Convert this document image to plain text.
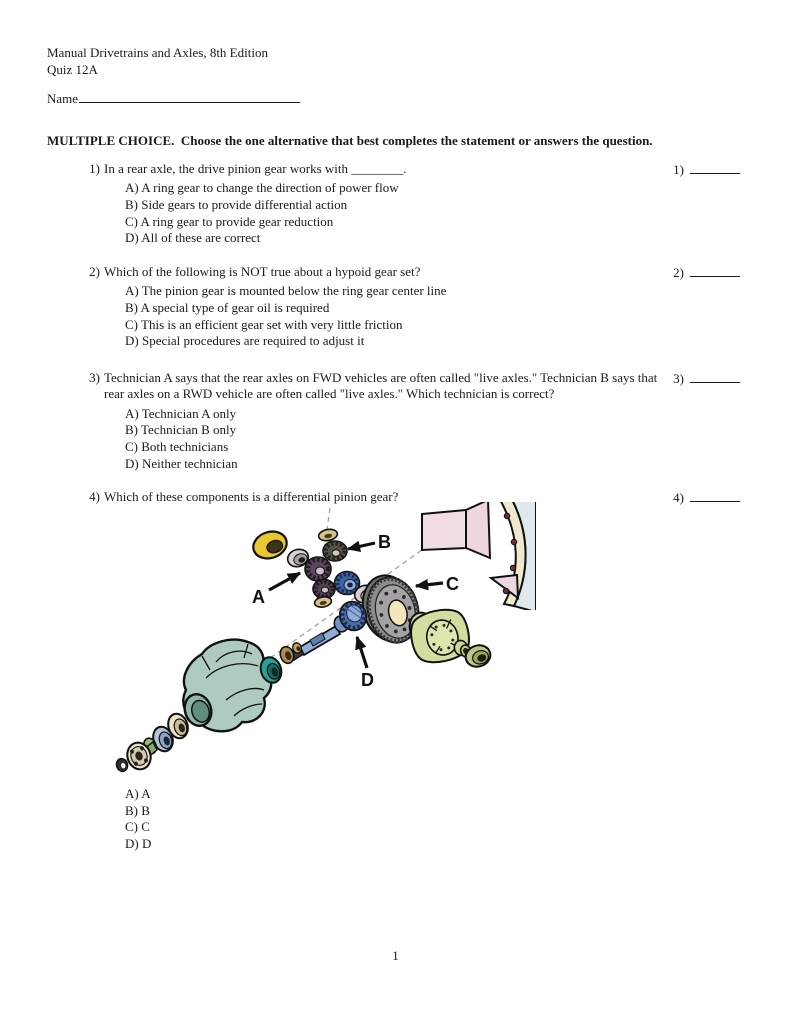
Manual Drivetrains and Axles, 8th Edition
Quiz 12A
Name
MULTIPLE CHOICE.  Choose the one alternative that best completes the statement or answers the question.
1) In a rear axle, the drive pinion gear works with ________.
A) A ring gear to change the direction of power flow
B) Side gears to provide differential action
C) A ring gear to provide gear reduction
D) All of these are correct
1)
2) Which of the following is NOT true about a hypoid gear set?
A) The pinion gear is mounted below the ring gear center line
B) A special type of gear oil is required
C) This is an efficient gear set with very little friction
D) Special procedures are required to adjust it
2)
3) Technician A says that the rear axles on FWD vehicles are often called "live axles." Technician B says that rear axles on a RWD vehicle are often called "live axles." Which technician is correct?
A) Technician A only
B) Technician B only
C) Both technicians
D) Neither technician
3)
4) Which of these components is a differential pinion gear?	4)
A
B
C
D
A) A
B) B
C) C
D) D
1
